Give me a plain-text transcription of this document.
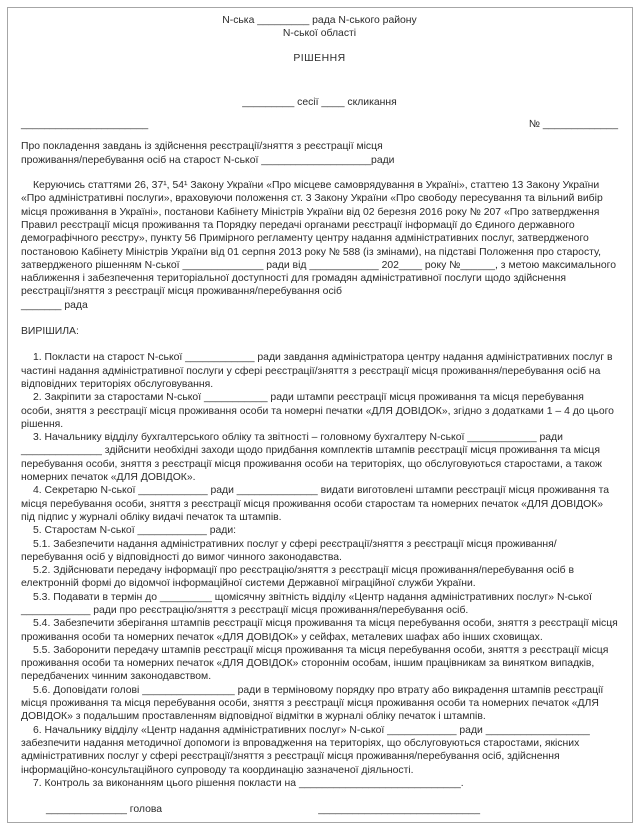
N-ська _________ рада N-ського району
N-ської області
РІШЕННЯ
_________ сесії ____ скликання
______________________	№ _____________

Про покладення завдань із здійснення реєстрації/зняття з реєстрації місця

проживання/перебування осіб на старост N-ської ___________________ради

Керуючись статтями 26, 37¹, 54¹ Закону України «Про місцеве самоврядування в Україні», статтею 13 Закону України «Про адміністративні послуги», враховуючи положення ст. 3 Закону України «Про свободу пересування та вільний вибір місця проживання в Україні», постанови Кабінету Міністрів України від 02 березня 2016 року № 207 «Про затвердження Правил реєстрації місця проживання та Порядку передачі органами реєстрації інформації до Єдиного державного демографічного реєстру», пункту 56 Примірного регламенту центру надання адміністративних послуг, затвердженого постановою Кабінету Міністрів України від 01 серпня 2013 року № 588 (із змінами), на підставі Положення про старосту, затвердженого рішенням N-ської ______________ ради від ____________ 202____ року №______, з метою максимального наближення і забезпечення територіальної доступності для громадян адміністративної послуги щодо здійснення реєстрації/зняття з реєстрації місця проживання/перебування осіб

_______ рада

ВИРІШИЛА:

1. Покласти на старост N-ської ____________ ради завдання адміністратора центру надання адміністративних послуг в частині надання адміністративної послуги у сфері реєстрації/зняття з реєстрації місця проживання/перебування осіб на відповідних територіях обслуговування.

2. Закріпити за старостами N-ської ___________ ради штампи реєстрації місця проживання та місця перебування особи, зняття з реєстрації місця проживання особи та номерні печатки «ДЛЯ ДОВІДОК», згідно з додатками 1 – 4 до цього рішення.

3. Начальнику відділу бухгалтерського обліку та звітності – головному бухгалтеру N-ської ____________ ради ______________ здійснити необхідні заходи щодо придбання комплектів штампів реєстрації місця проживання та місця перебування особи, зняття з реєстрації місця проживання особи на територіях, що обслуговуються старостами, а також номерних печаток «ДЛЯ ДОВІДОК».

4. Секретарю N-ської ____________ ради ______________ видати виготовлені штампи реєстрації місця проживання та місця перебування особи, зняття з реєстрації місця проживання особи старостам та номерних печаток «ДЛЯ ДОВІДОК» під підпис у журналі обліку видачі печаток та штампів.

5. Старостам N-ської ____________ ради:

5.1. Забезпечити надання адміністративних послуг у сфері реєстрації/зняття з реєстрації місця проживання/перебування осіб у відповідності до вимог чинного законодавства.

5.2. Здійснювати передачу інформації про реєстрацію/зняття з реєстрації місця проживання/перебування осіб в електронній формі до відомчої інформаційної системи Державної міграційної служби України.

5.3. Подавати в термін до _________ щомісячну звітність відділу «Центр надання адміністративних послуг» N-ської ____________ ради про реєстрацію/зняття з реєстрації місця проживання/перебування осіб.

5.4. Забезпечити зберігання штампів реєстрації місця проживання та місця перебування особи, зняття з реєстрації місця проживання особи та номерних печаток «ДЛЯ ДОВІДОК» у сейфах, металевих шафах або інших сховищах.

5.5. Заборонити передачу штампів реєстрації місця проживання та місця перебування особи, зняття з реєстрації місця проживання особи та номерних печаток «ДЛЯ ДОВІДОК» стороннім особам, іншим працівникам за винятком випадків, передбачених чинним законодавством.

5.6. Доповідати голові ________________ ради в терміновому порядку про втрату або викрадення штампів реєстрації місця проживання та місця перебування особи, зняття з реєстрації місця проживання особи та номерних печаток «ДЛЯ ДОВІДОК» з подальшим проставленням відповідної відмітки в журналі обліку печаток і штампів.

6. Начальнику відділу «Центр надання адміністративних послуг» N-ської ____________ ради __________________ забезпечити надання методичної допомоги із впровадження на територіях, що обслуговуються старостами, якісних адміністративних послуг у сфері реєстрації/зняття з реєстрації місця проживання/перебування осіб, здійснення інформаційно-консультаційного супроводу та координацію зазначеної діяльності.

7. Контроль за виконанням цього рішення покласти на ____________________________.

______________ голова	____________________________
